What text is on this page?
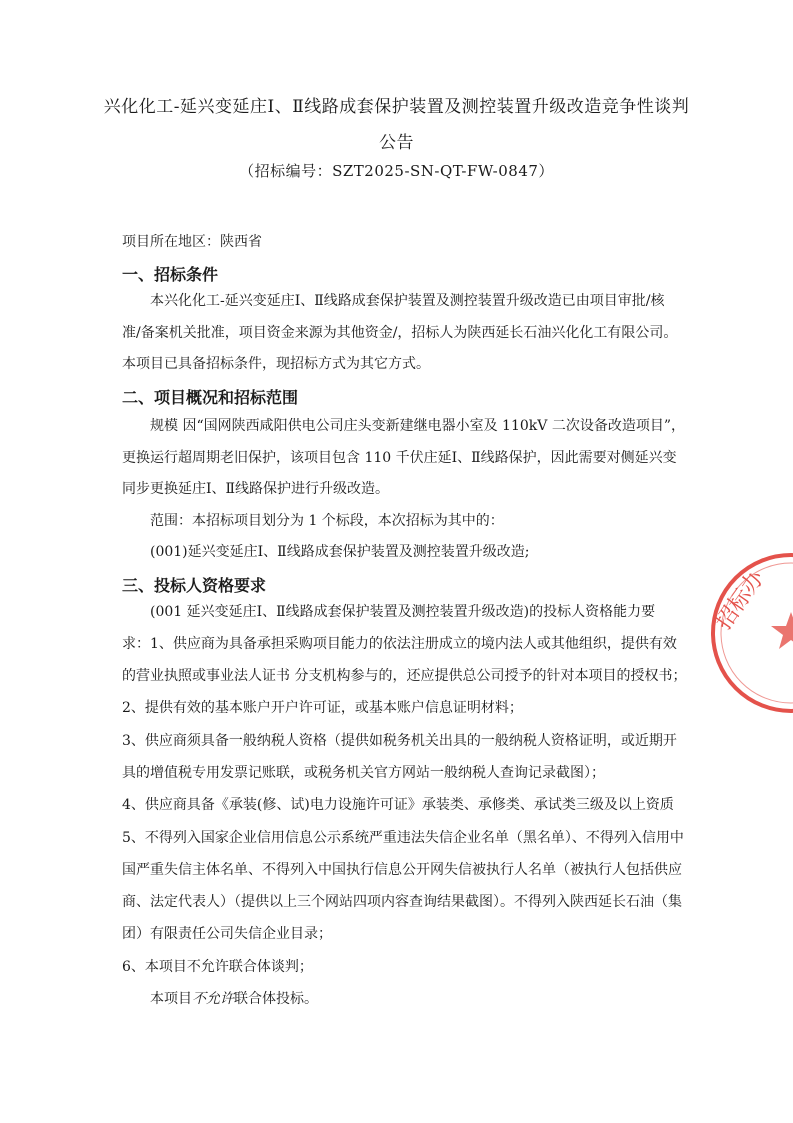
兴化化工-延兴变延庄Ⅰ、Ⅱ线路成套保护装置及测控装置升级改造竞争性谈判
公告
（招标编号：SZT2025-SN-QT-FW-0847）
项目所在地区：陕西省
一、招标条件
本兴化化工-延兴变延庄Ⅰ、Ⅱ线路成套保护装置及测控装置升级改造已由项目审批/核
准/备案机关批准，项目资金来源为其他资金/，招标人为陕西延长石油兴化化工有限公司。
本项目已具备招标条件，现招标方式为其它方式。
二、项目概况和招标范围
规模 因“国网陕西咸阳供电公司庄头变新建继电器小室及 110kV 二次设备改造项目”，
更换运行超周期老旧保护，该项目包含 110 千伏庄延Ⅰ、Ⅱ线路保护，因此需要对侧延兴变
同步更换延庄Ⅰ、Ⅱ线路保护进行升级改造。
范围：本招标项目划分为 1 个标段，本次招标为其中的：
(001)延兴变延庄Ⅰ、Ⅱ线路成套保护装置及测控装置升级改造;
三、投标人资格要求
(001 延兴变延庄Ⅰ、Ⅱ线路成套保护装置及测控装置升级改造)的投标人资格能力要
求：1、供应商为具备承担采购项目能力的依法注册成立的境内法人或其他组织，提供有效
的营业执照或事业法人证书 分支机构参与的，还应提供总公司授予的针对本项目的授权书；
2、提供有效的基本账户开户许可证，或基本账户信息证明材料；
3、供应商须具备一般纳税人资格（提供如税务机关出具的一般纳税人资格证明，或近期开
具的增值税专用发票记账联，或税务机关官方网站一般纳税人查询记录截图）；
4、供应商具备《承装(修、试)电力设施许可证》承装类、承修类、承试类三级及以上资质
5、不得列入国家企业信用信息公示系统严重违法失信企业名单（黑名单）、不得列入信用中
国严重失信主体名单、不得列入中国执行信息公开网失信被执行人名单（被执行人包括供应
商、法定代表人）（提供以上三个网站四项内容查询结果截图）。不得列入陕西延长石油（集
团）有限责任公司失信企业目录；
6、本项目不允许联合体谈判；
本项目不允许联合体投标。
招标办
